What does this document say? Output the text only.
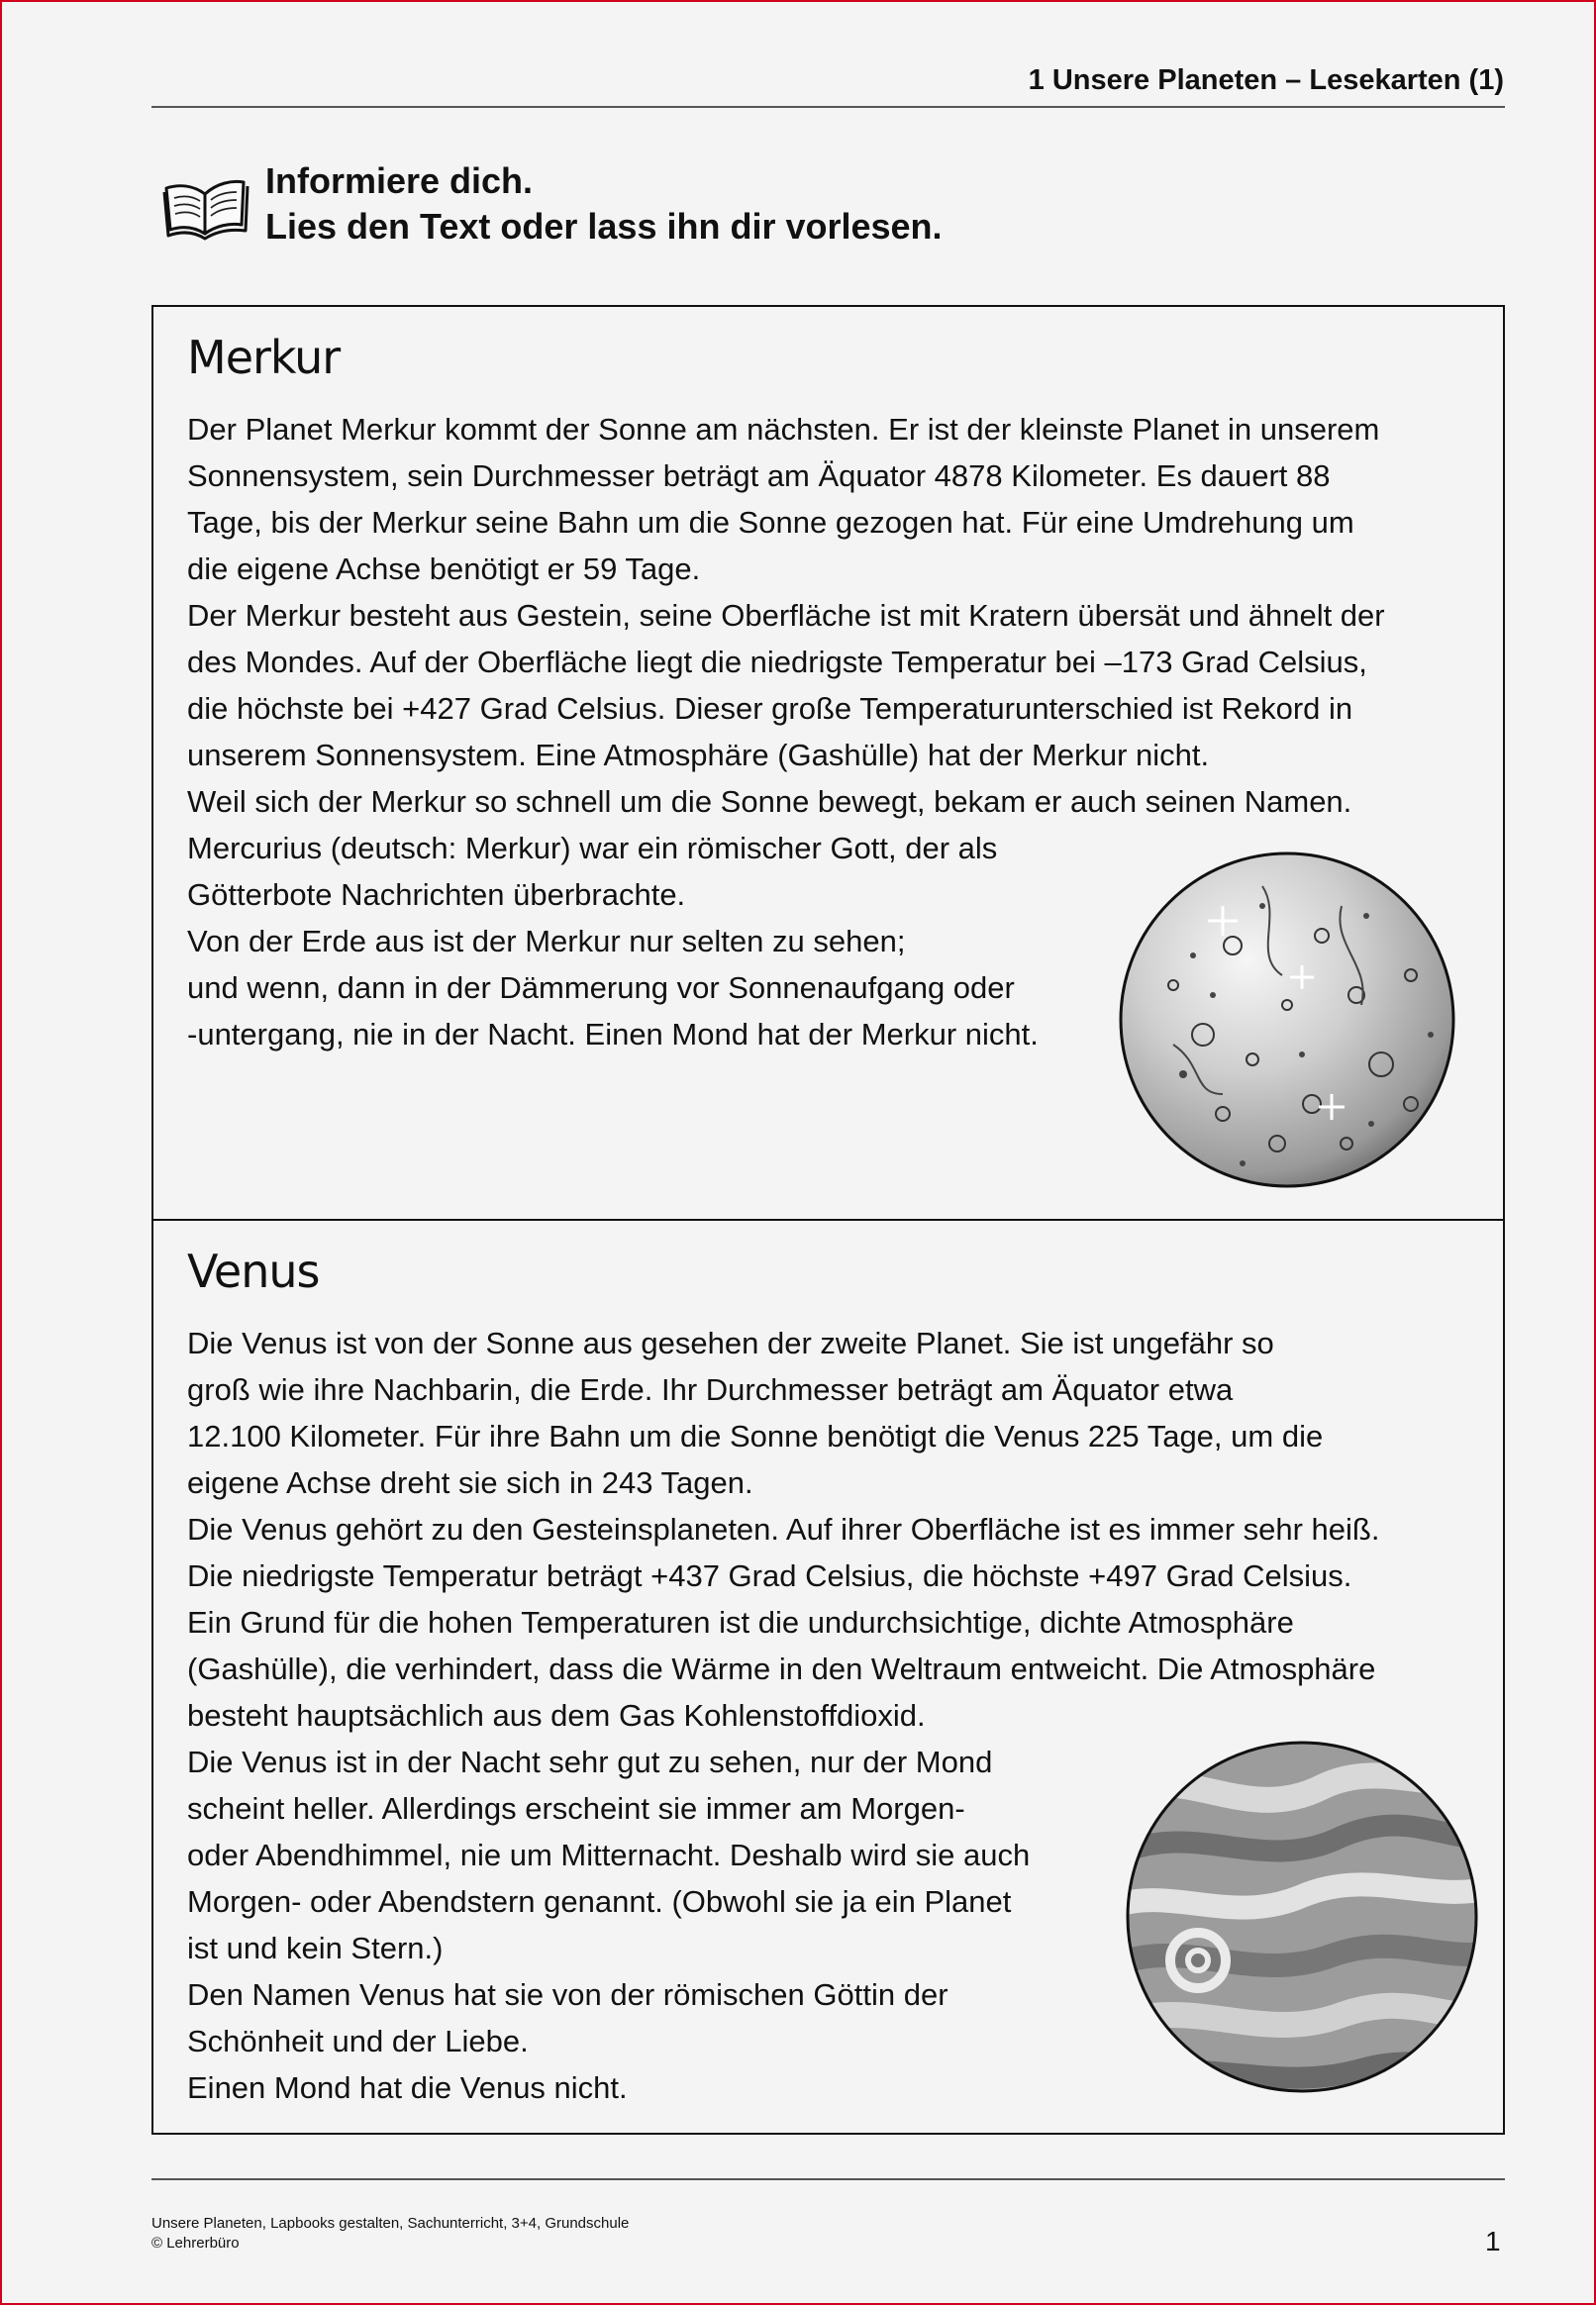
1 Unsere Planeten – Lesekarten (1)
Informiere dich.
Lies den Text oder lass ihn dir vorlesen.
Merkur

Der Planet Merkur kommt der Sonne am nächsten. Er ist der kleinste Planet in unserem

Sonnensystem, sein Durchmesser beträgt am Äquator 4878 Kilometer. Es dauert 88

Tage, bis der Merkur seine Bahn um die Sonne gezogen hat. Für eine Umdrehung um

die eigene Achse benötigt er 59 Tage.

Der Merkur besteht aus Gestein, seine Oberfläche ist mit Kratern übersät und ähnelt der

des Mondes. Auf der Oberfläche liegt die niedrigste Temperatur bei –173 Grad Celsius,

die höchste bei +427 Grad Celsius. Dieser große Temperaturunterschied ist Rekord in

unserem Sonnensystem. Eine Atmosphäre (Gashülle) hat der Merkur nicht.

Weil sich der Merkur so schnell um die Sonne bewegt, bekam er auch seinen Namen.

Mercurius (deutsch: Merkur) war ein römischer Gott, der als

Götterbote Nachrichten überbrachte.

Von der Erde aus ist der Merkur nur selten zu sehen;

und wenn, dann in der Dämmerung vor Sonnenaufgang oder

-untergang, nie in der Nacht. Einen Mond hat der Merkur nicht.

Venus

Die Venus ist von der Sonne aus gesehen der zweite Planet. Sie ist ungefähr so

groß wie ihre Nachbarin, die Erde. Ihr Durchmesser beträgt am Äquator etwa

12.100 Kilometer. Für ihre Bahn um die Sonne benötigt die Venus 225 Tage, um die

eigene Achse dreht sie sich in 243 Tagen.

Die Venus gehört zu den Gesteinsplaneten. Auf ihrer Oberfläche ist es immer sehr heiß.

Die niedrigste Temperatur beträgt +437 Grad Celsius, die höchste +497 Grad Celsius.

Ein Grund für die hohen Temperaturen ist die undurchsichtige, dichte Atmosphäre

(Gashülle), die verhindert, dass die Wärme in den Weltraum entweicht. Die Atmosphäre

besteht hauptsächlich aus dem Gas Kohlenstoffdioxid.

Die Venus ist in der Nacht sehr gut zu sehen, nur der Mond

scheint heller. Allerdings erscheint sie immer am Morgen-

oder Abendhimmel, nie um Mitternacht. Deshalb wird sie auch

Morgen- oder Abendstern genannt. (Obwohl sie ja ein Planet

ist und kein Stern.)

Den Namen Venus hat sie von der römischen Göttin der

Schönheit und der Liebe.

Einen Mond hat die Venus nicht.

Unsere Planeten, Lapbooks gestalten, Sachunterricht, 3+4, Grundschule
© Lehrerbüro	1
